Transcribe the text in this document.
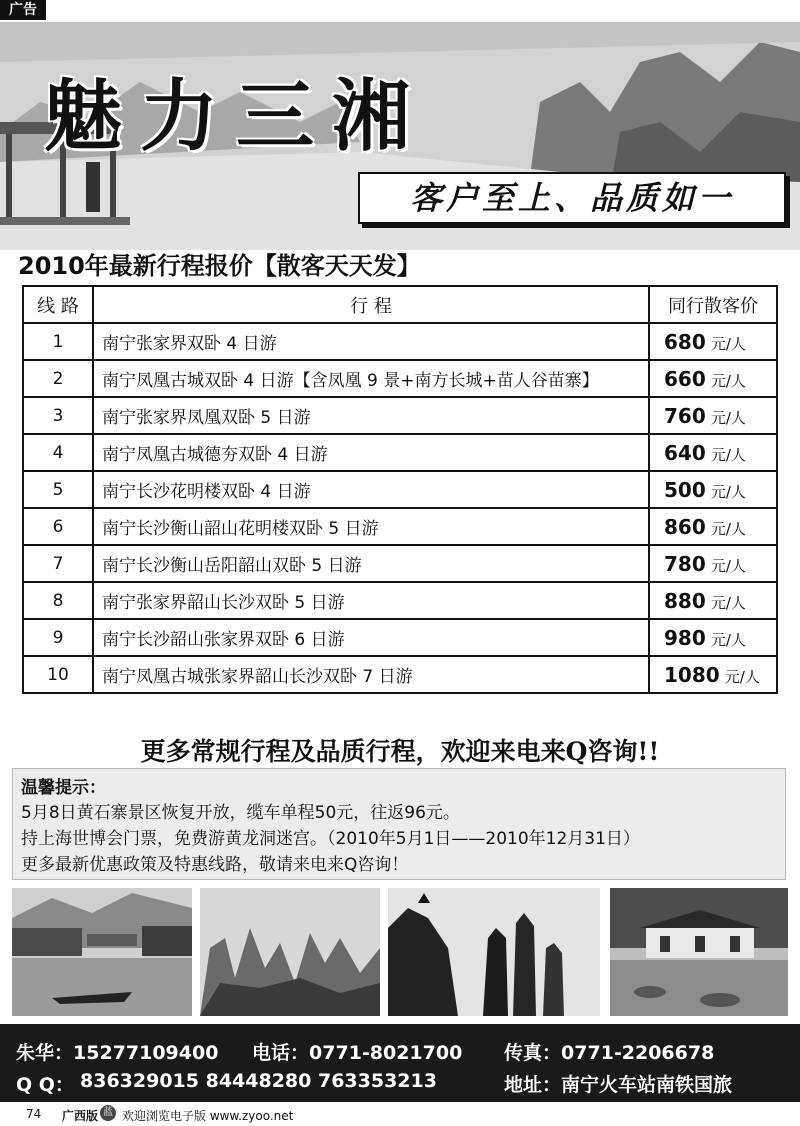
广告
魅力三湘
客户至上、品质如一
2010年最新行程报价【散客天天发】
线 路	行 程	同行散客价
1	南宁张家界双卧 4 日游	680 元/人
2	南宁凤凰古城双卧 4 日游【含凤凰 9 景+南方长城+苗人谷苗寨】	660 元/人
3	南宁张家界凤凰双卧 5 日游	760 元/人
4	南宁凤凰古城德夯双卧 4 日游	640 元/人
5	南宁长沙花明楼双卧 4 日游	500 元/人
6	南宁长沙衡山韶山花明楼双卧 5 日游	860 元/人
7	南宁长沙衡山岳阳韶山双卧 5 日游	780 元/人
8	南宁张家界韶山长沙双卧 5 日游	880 元/人
9	南宁长沙韶山张家界双卧 6 日游	980 元/人
10	南宁凤凰古城张家界韶山长沙双卧 7 日游	1080 元/人
更多常规行程及品质行程，欢迎来电来Q咨询!!
温馨提示：
5月8日黄石寨景区恢复开放，缆车单程50元，往返96元。
持上海世博会门票，免费游黄龙洞迷宫。（2010年5月1日——2010年12月31日）
更多最新优惠政策及特惠线路，敬请来电来Q咨询！
朱华：15277109400 电话：0771-8021700 传真：0771-2206678
Q Q： 836329015 84448280 763353213	地址：南宁火车站南铁国旅
74 广西版 蓝 欢迎浏览电子版 www.zyoo.net
